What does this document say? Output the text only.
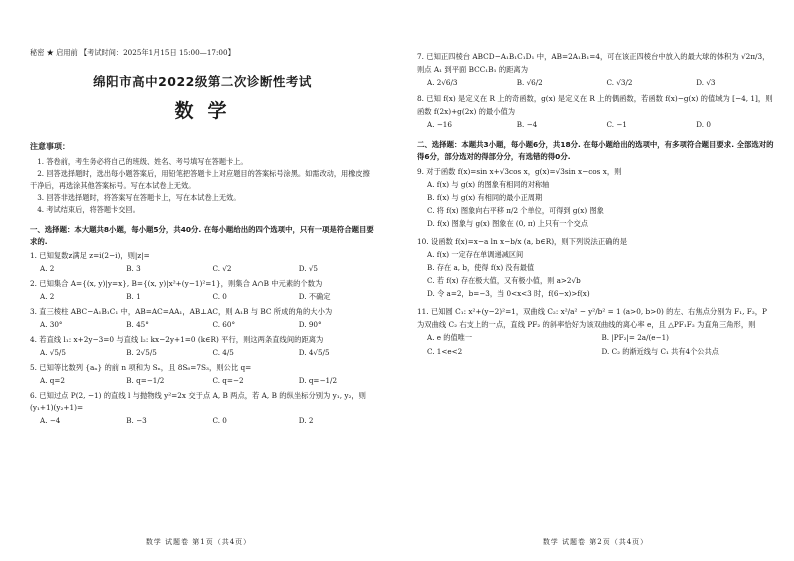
秘密 ★ 启用前 【考试时间：2025年1月15日 15:00—17:00】
绵阳市高中2022级第二次诊断性考试
数学
注意事项：
1. 答卷前，考生务必将自己的班级、姓名、考号填写在答题卡上。
2. 回答选择题时，选出每小题答案后，用铅笔把答题卡上对应题目的答案标号涂黑。如需改动，用橡皮擦干净后，再选涂其他答案标号。写在本试卷上无效。
3. 回答非选择题时，将答案写在答题卡上，写在本试卷上无效。
4. 考试结束后，将答题卡交回。
一、选择题：本大题共8小题，每小题5分，共40分. 在每小题给出的四个选项中，只有一项是符合题目要求的.
1. 已知复数z满足 z=i(2−i)，则|z|=
A. 2	B. 3	C. √2	D. √5
2. 已知集合 A={(x, y)|y=x}, B={(x, y)|x²+(y−1)²=1}，则集合 A∩B 中元素的个数为
A. 2	B. 1	C. 0	D. 不确定
3. 直三棱柱 ABC−A₁B₁C₁ 中，AB=AC=AA₁，AB⊥AC，则 A₁B 与 BC 所成的角的大小为
A. 30°	B. 45°	C. 60°	D. 90°
4. 若直线 l₁: x+2y−3=0 与直线 l₂: kx−2y+1=0 (k∈R) 平行，则这两条直线间的距离为
A. √5/5	B. 2√5/5	C. 4/5	D. 4√5/5
5. 已知等比数列 {aₙ} 的前 n 项和为 Sₙ，且 8S₆=7S₃，则公比 q=
A. q=2	B. q=−1/2	C. q=−2	D. q=−1/2
6. 已知过点 P(2, −1) 的直线 l 与抛物线 y²=2x 交于点 A, B 两点，若 A, B 的纵坐标分别为 y₁, y₂，则 (y₁+1)(y₂+1)=
A. −4	B. −3	C. 0	D. 2
数学 试题卷 第1页（共4页）
7. 已知正四棱台 ABCD−A₁B₁C₁D₁ 中，AB=2A₁B₁=4，可在该正四棱台中放入的最大球的体积为 √2π/3，则点 A₁ 到平面 BCC₁B₁ 的距离为
A. 2√6/3	B. √6/2	C. √3/2	D. √3
8. 已知 f(x) 是定义在 R 上的奇函数，g(x) 是定义在 R 上的偶函数，若函数 f(x)−g(x) 的值域为 [−4, 1]，则函数 f(2x)+g(2x) 的最小值为
A. −16	B. −4	C. −1	D. 0
二、选择题：本题共3小题，每小题6分，共18分. 在每小题给出的选项中，有多项符合题目要求. 全部选对的得6分，部分选对的得部分分，有选错的得0分.
9. 对于函数 f(x)=sin x+√3cos x，g(x)=√3sin x−cos x，则
A. f(x) 与 g(x) 的图象有相同的对称轴
B. f(x) 与 g(x) 有相同的最小正周期
C. 将 f(x) 图象向右平移 π/2 个单位，可得到 g(x) 图象
D. f(x) 图象与 g(x) 图象在 (0, π) 上只有一个交点
10. 设函数 f(x)=x−a ln x−b/x (a, b∈R)，则下列说法正确的是
A. f(x) 一定存在单调递减区间
B. 存在 a, b，使得 f(x) 没有最值
C. 若 f(x) 存在极大值，又有极小值，则 a>2√b
D. 令 a=2，b=−3，当 0<x<3 时，f(6−x)>f(x)
11. 已知圆 C₁: x²+(y−2)²=1，双曲线 C₂: x²/a² − y²/b² = 1 (a>0, b>0) 的左、右焦点分别为 F₁, F₂，P 为双曲线 C₂ 右支上的一点，直线 PF₂ 的斜率恰好为该双曲线的离心率 e，且 △PF₁F₂ 为直角三角形，则
A. e 的值唯一	B. |PF₂|= 2a/(e−1)
C. 1<e<2	D. C₂ 的渐近线与 C₁ 共有4个公共点
数学 试题卷 第2页（共4页）
